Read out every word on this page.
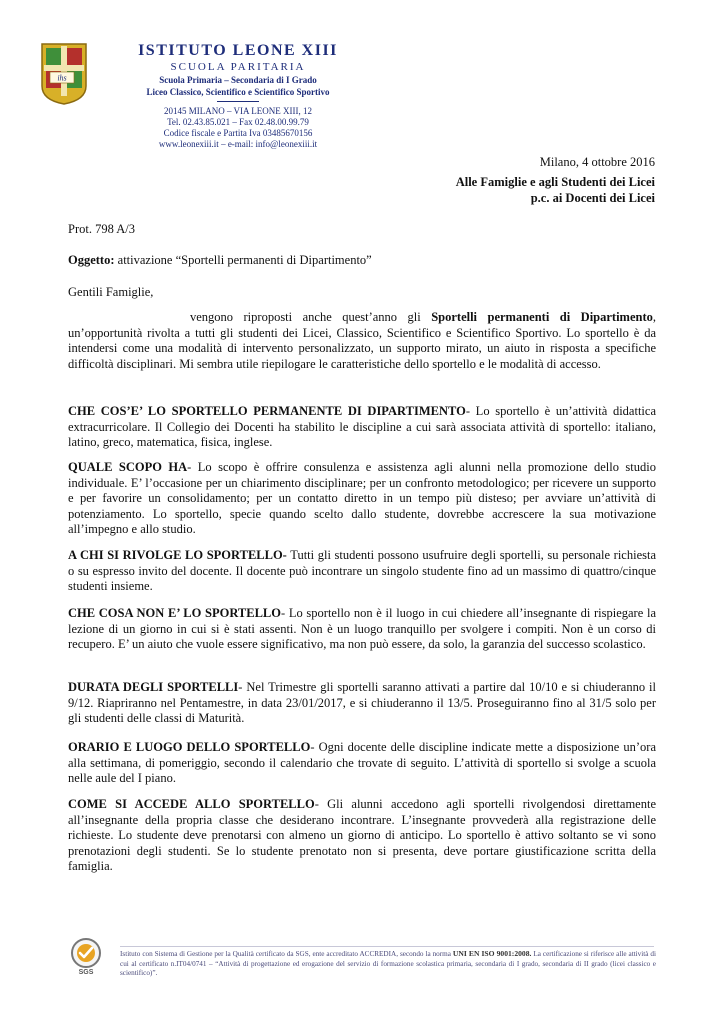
ihs
ISTITUTO LEONE XIII
SCUOLA PARITARIA
Scuola Primaria – Secondaria di I Grado
Liceo Classico, Scientifico e Scientifico Sportivo
20145 MILANO – VIA LEONE XIII, 12
Tel. 02.43.85.021 – Fax 02.48.00.99.79
Codice fiscale e Partita Iva 03485670156
www.leonexiii.it – e-mail: info@leonexiii.it
Milano, 4 ottobre 2016
Alle Famiglie e agli Studenti dei Licei
p.c. ai Docenti dei Licei
Prot. 798 A/3
Oggetto: attivazione “Sportelli permanenti di Dipartimento”
Gentili Famiglie,
vengono riproposti anche quest’anno gli Sportelli permanenti di Dipartimento, un’opportunità rivolta a tutti gli studenti dei Licei, Classico, Scientifico e Scientifico Sportivo. Lo sportello è da intendersi come una modalità di intervento personalizzato, un supporto mirato, un aiuto in risposta a specifiche difficoltà disciplinari. Mi sembra utile riepilogare le caratteristiche dello sportello e le modalità di accesso.
CHE COS’E’ LO SPORTELLO PERMANENTE DI DIPARTIMENTO- Lo sportello è un’attività didattica extracurricolare. Il Collegio dei Docenti ha stabilito le discipline a cui sarà associata attività di sportello: italiano, latino, greco, matematica, fisica, inglese.
QUALE SCOPO HA- Lo scopo è offrire consulenza e assistenza agli alunni nella promozione dello studio individuale. E’ l’occasione per un chiarimento disciplinare; per un confronto metodologico; per ricevere un supporto e per favorire un consolidamento; per un contatto diretto in un tempo più disteso; per avviare un’attività di potenziamento. Lo sportello, specie quando scelto dallo studente, dovrebbe accrescere la sua motivazione all’impegno e allo studio.
A CHI SI RIVOLGE LO SPORTELLO- Tutti gli studenti possono usufruire degli sportelli, su personale richiesta o su espresso invito del docente. Il docente può incontrare un singolo studente fino ad un massimo di quattro/cinque studenti insieme.
CHE COSA NON E’ LO SPORTELLO- Lo sportello non è il luogo in cui chiedere all’insegnante di rispiegare la lezione di un giorno in cui si è stati assenti. Non è un luogo tranquillo per svolgere i compiti. Non è un corso di recupero. E’ un aiuto che vuole essere significativo, ma non può essere, da solo, la garanzia del successo scolastico.
DURATA DEGLI SPORTELLI- Nel Trimestre gli sportelli saranno attivati a partire dal 10/10 e si chiuderanno il 9/12. Riapriranno nel Pentamestre, in data 23/01/2017, e si chiuderanno il 13/5. Proseguiranno fino al 31/5 solo per gli studenti delle classi di Maturità.
ORARIO E LUOGO DELLO SPORTELLO- Ogni docente delle discipline indicate mette a disposizione un’ora alla settimana, di pomeriggio, secondo il calendario che trovate di seguito. L’attività di sportello si svolge a scuola nelle aule del I piano.
COME SI ACCEDE ALLO SPORTELLO- Gli alunni accedono agli sportelli rivolgendosi direttamente all’insegnante della propria classe che desiderano incontrare. L’insegnante provvederà alla registrazione delle richieste. Lo studente deve prenotarsi con almeno un giorno di anticipo. Lo sportello è attivo soltanto se vi sono prenotazioni degli studenti. Se lo studente prenotato non si presenta, deve portare giustificazione scritta della famiglia.
SGS
Istituto con Sistema di Gestione per la Qualità certificato da SGS, ente accreditato ACCREDIA, secondo la norma UNI EN ISO 9001:2008. La certificazione si riferisce alle attività di cui al certificato n.IT04/0741 – “Attività di progettazione ed erogazione del servizio di formazione scolastica primaria, secondaria di I grado, secondaria di II grado (licei classico e scientifico)”.
